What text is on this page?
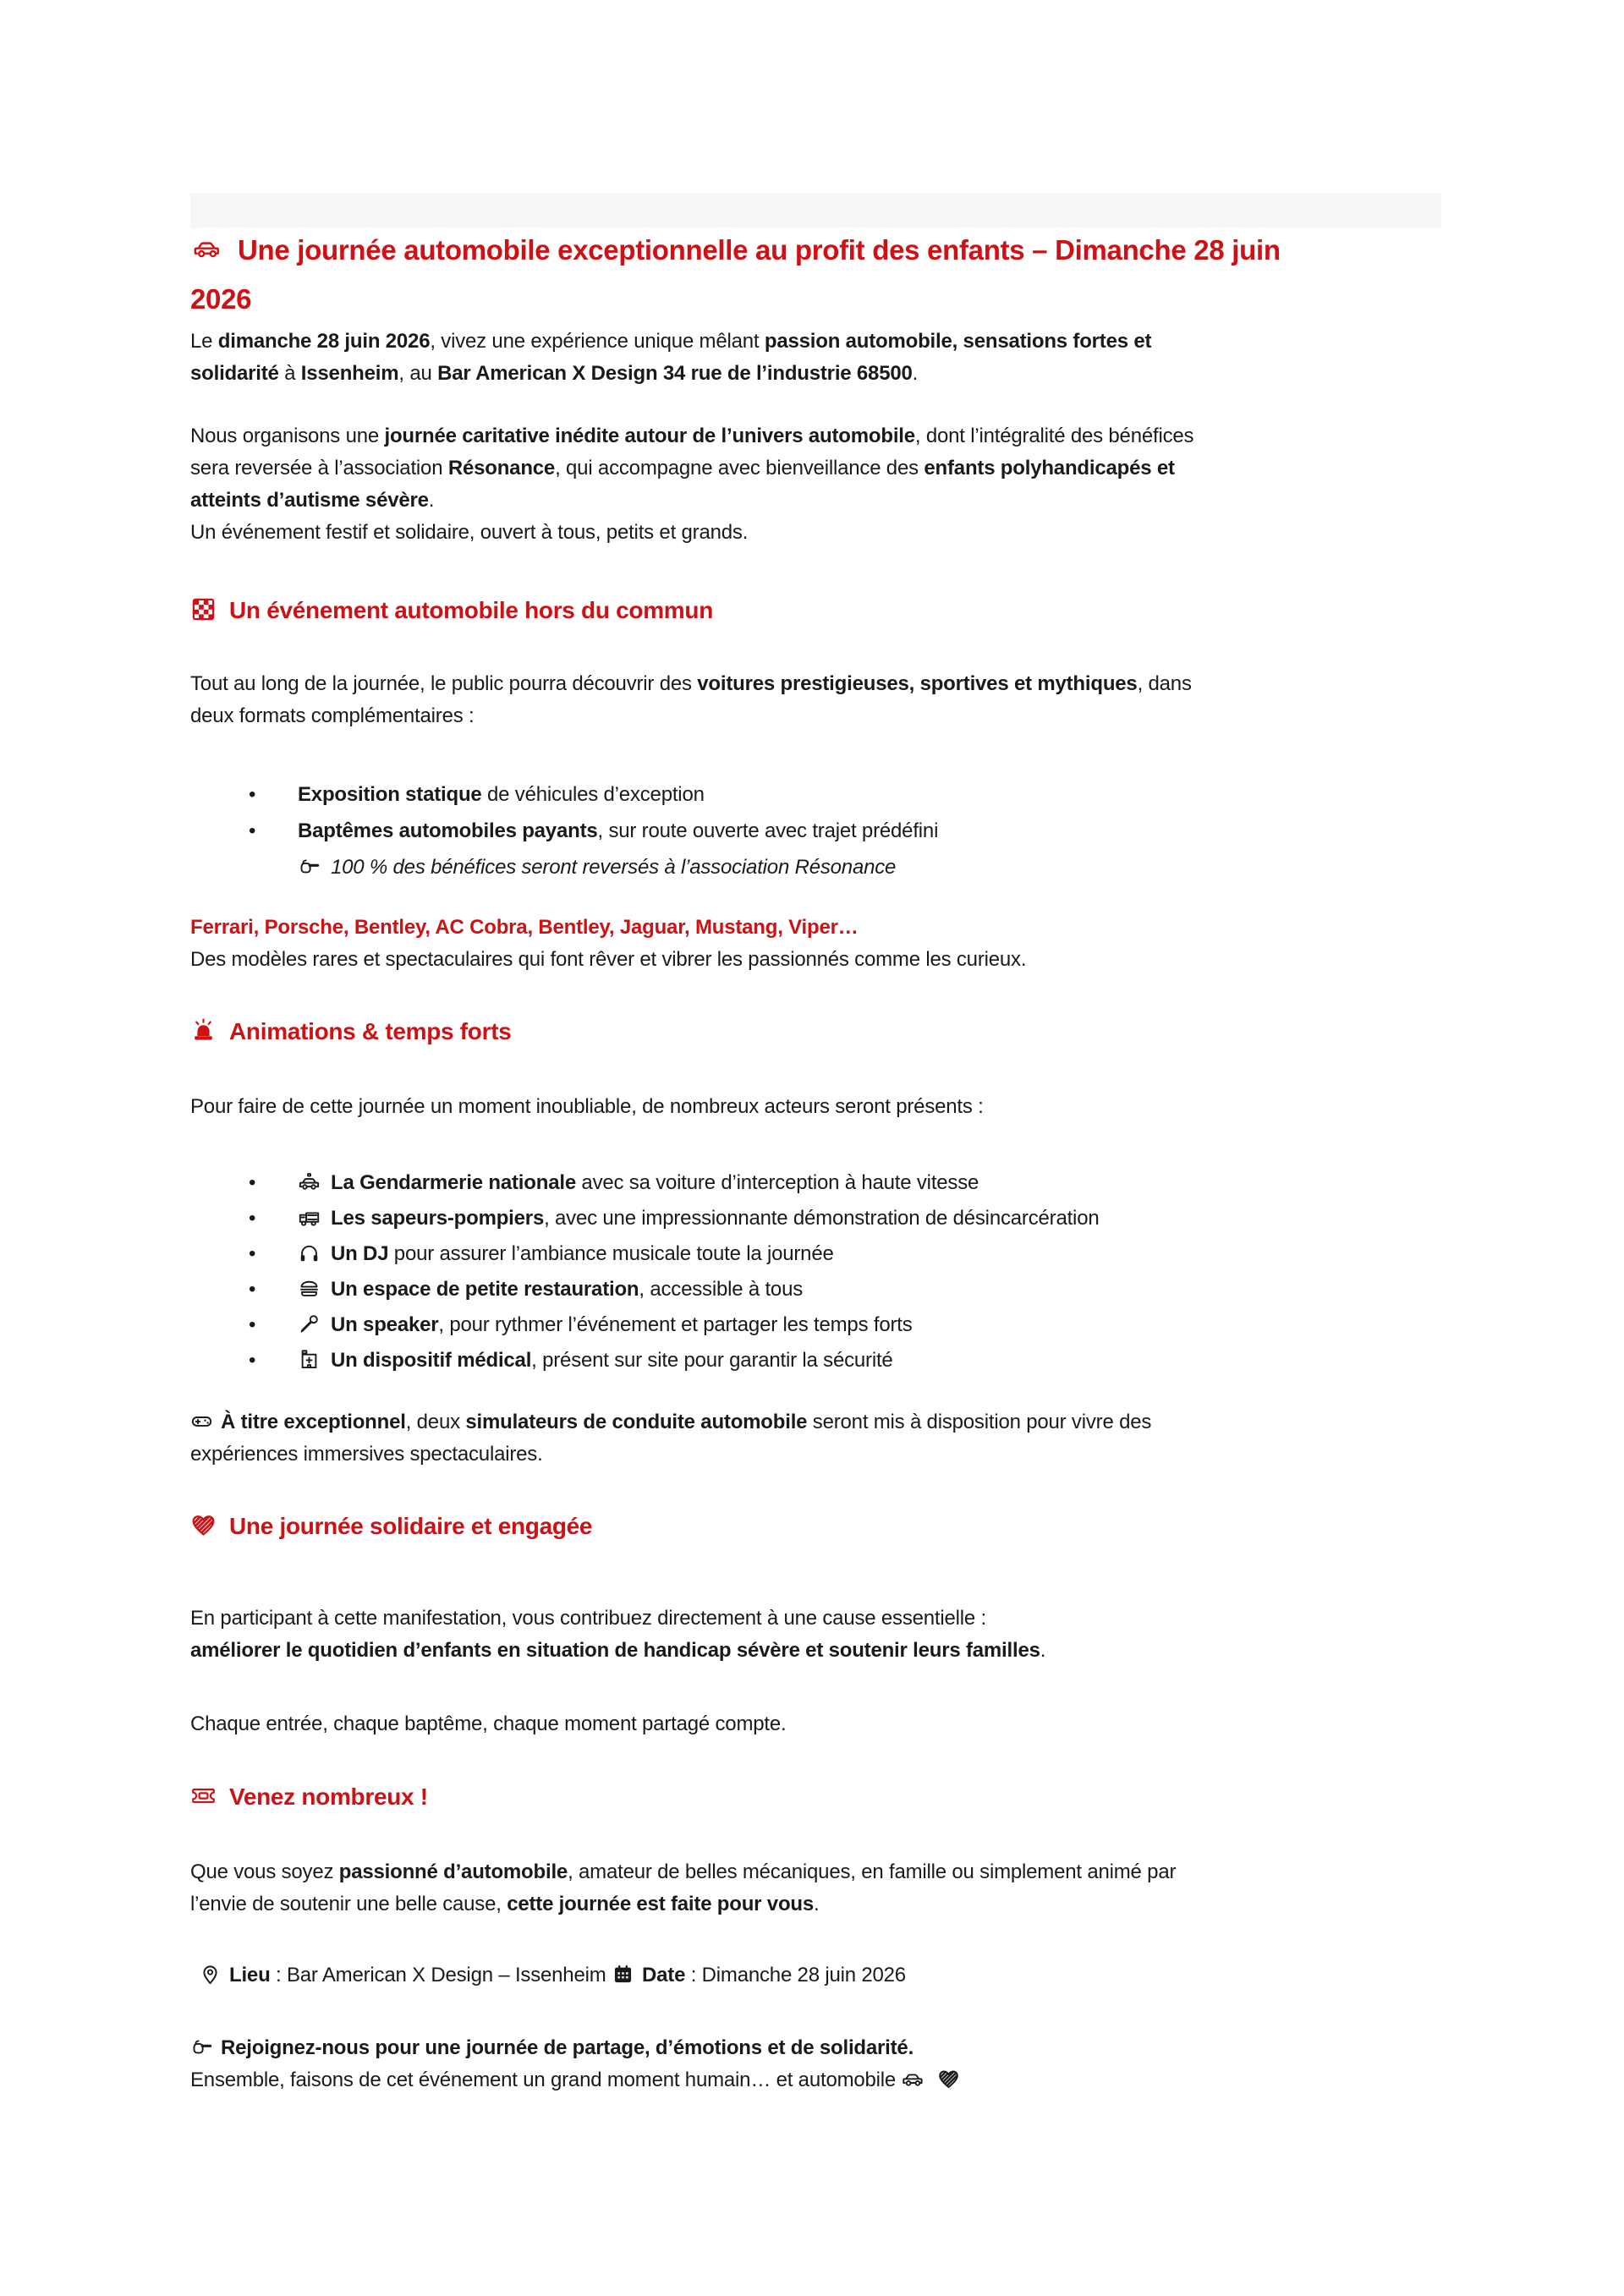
Une journée automobile exceptionnelle au profit des enfants – Dimanche 28 juin
2026
Le dimanche 28 juin 2026, vivez une expérience unique mêlant passion automobile, sensations fortes et
solidarité à Issenheim, au Bar American X Design 34 rue de l’industrie 68500.
Nous organisons une journée caritative inédite autour de l’univers automobile, dont l’intégralité des bénéfices
sera reversée à l’association Résonance, qui accompagne avec bienveillance des enfants polyhandicapés et
atteints d’autisme sévère.
Un événement festif et solidaire, ouvert à tous, petits et grands.
Un événement automobile hors du commun
Tout au long de la journée, le public pourra découvrir des voitures prestigieuses, sportives et mythiques, dans
deux formats complémentaires :
• Exposition statique de véhicules d’exception
• Baptêmes automobiles payants, sur route ouverte avec trajet prédéfini
100 % des bénéfices seront reversés à l’association Résonance
Ferrari, Porsche, Bentley, AC Cobra, Bentley, Jaguar, Mustang, Viper…
Des modèles rares et spectaculaires qui font rêver et vibrer les passionnés comme les curieux.
Animations & temps forts
Pour faire de cette journée un moment inoubliable, de nombreux acteurs seront présents :
•	La Gendarmerie nationale avec sa voiture d’interception à haute vitesse
•	Les sapeurs-pompiers, avec une impressionnante démonstration de désincarcération
•	Un DJ pour assurer l’ambiance musicale toute la journée
•	Un espace de petite restauration, accessible à tous
•	Un speaker, pour rythmer l’événement et partager les temps forts
•	Un dispositif médical, présent sur site pour garantir la sécurité
À titre exceptionnel, deux simulateurs de conduite automobile seront mis à disposition pour vivre des
expériences immersives spectaculaires.
Une journée solidaire et engagée
En participant à cette manifestation, vous contribuez directement à une cause essentielle :
améliorer le quotidien d’enfants en situation de handicap sévère et soutenir leurs familles.
Chaque entrée, chaque baptême, chaque moment partagé compte.
Venez nombreux !
Que vous soyez passionné d’automobile, amateur de belles mécaniques, en famille ou simplement animé par
l’envie de soutenir une belle cause, cette journée est faite pour vous.
Lieu : Bar American X Design – Issenheim
Date : Dimanche 28 juin 2026
Rejoignez-nous pour une journée de partage, d’émotions et de solidarité.
Ensemble, faisons de cet événement un grand moment humain… et automobile
